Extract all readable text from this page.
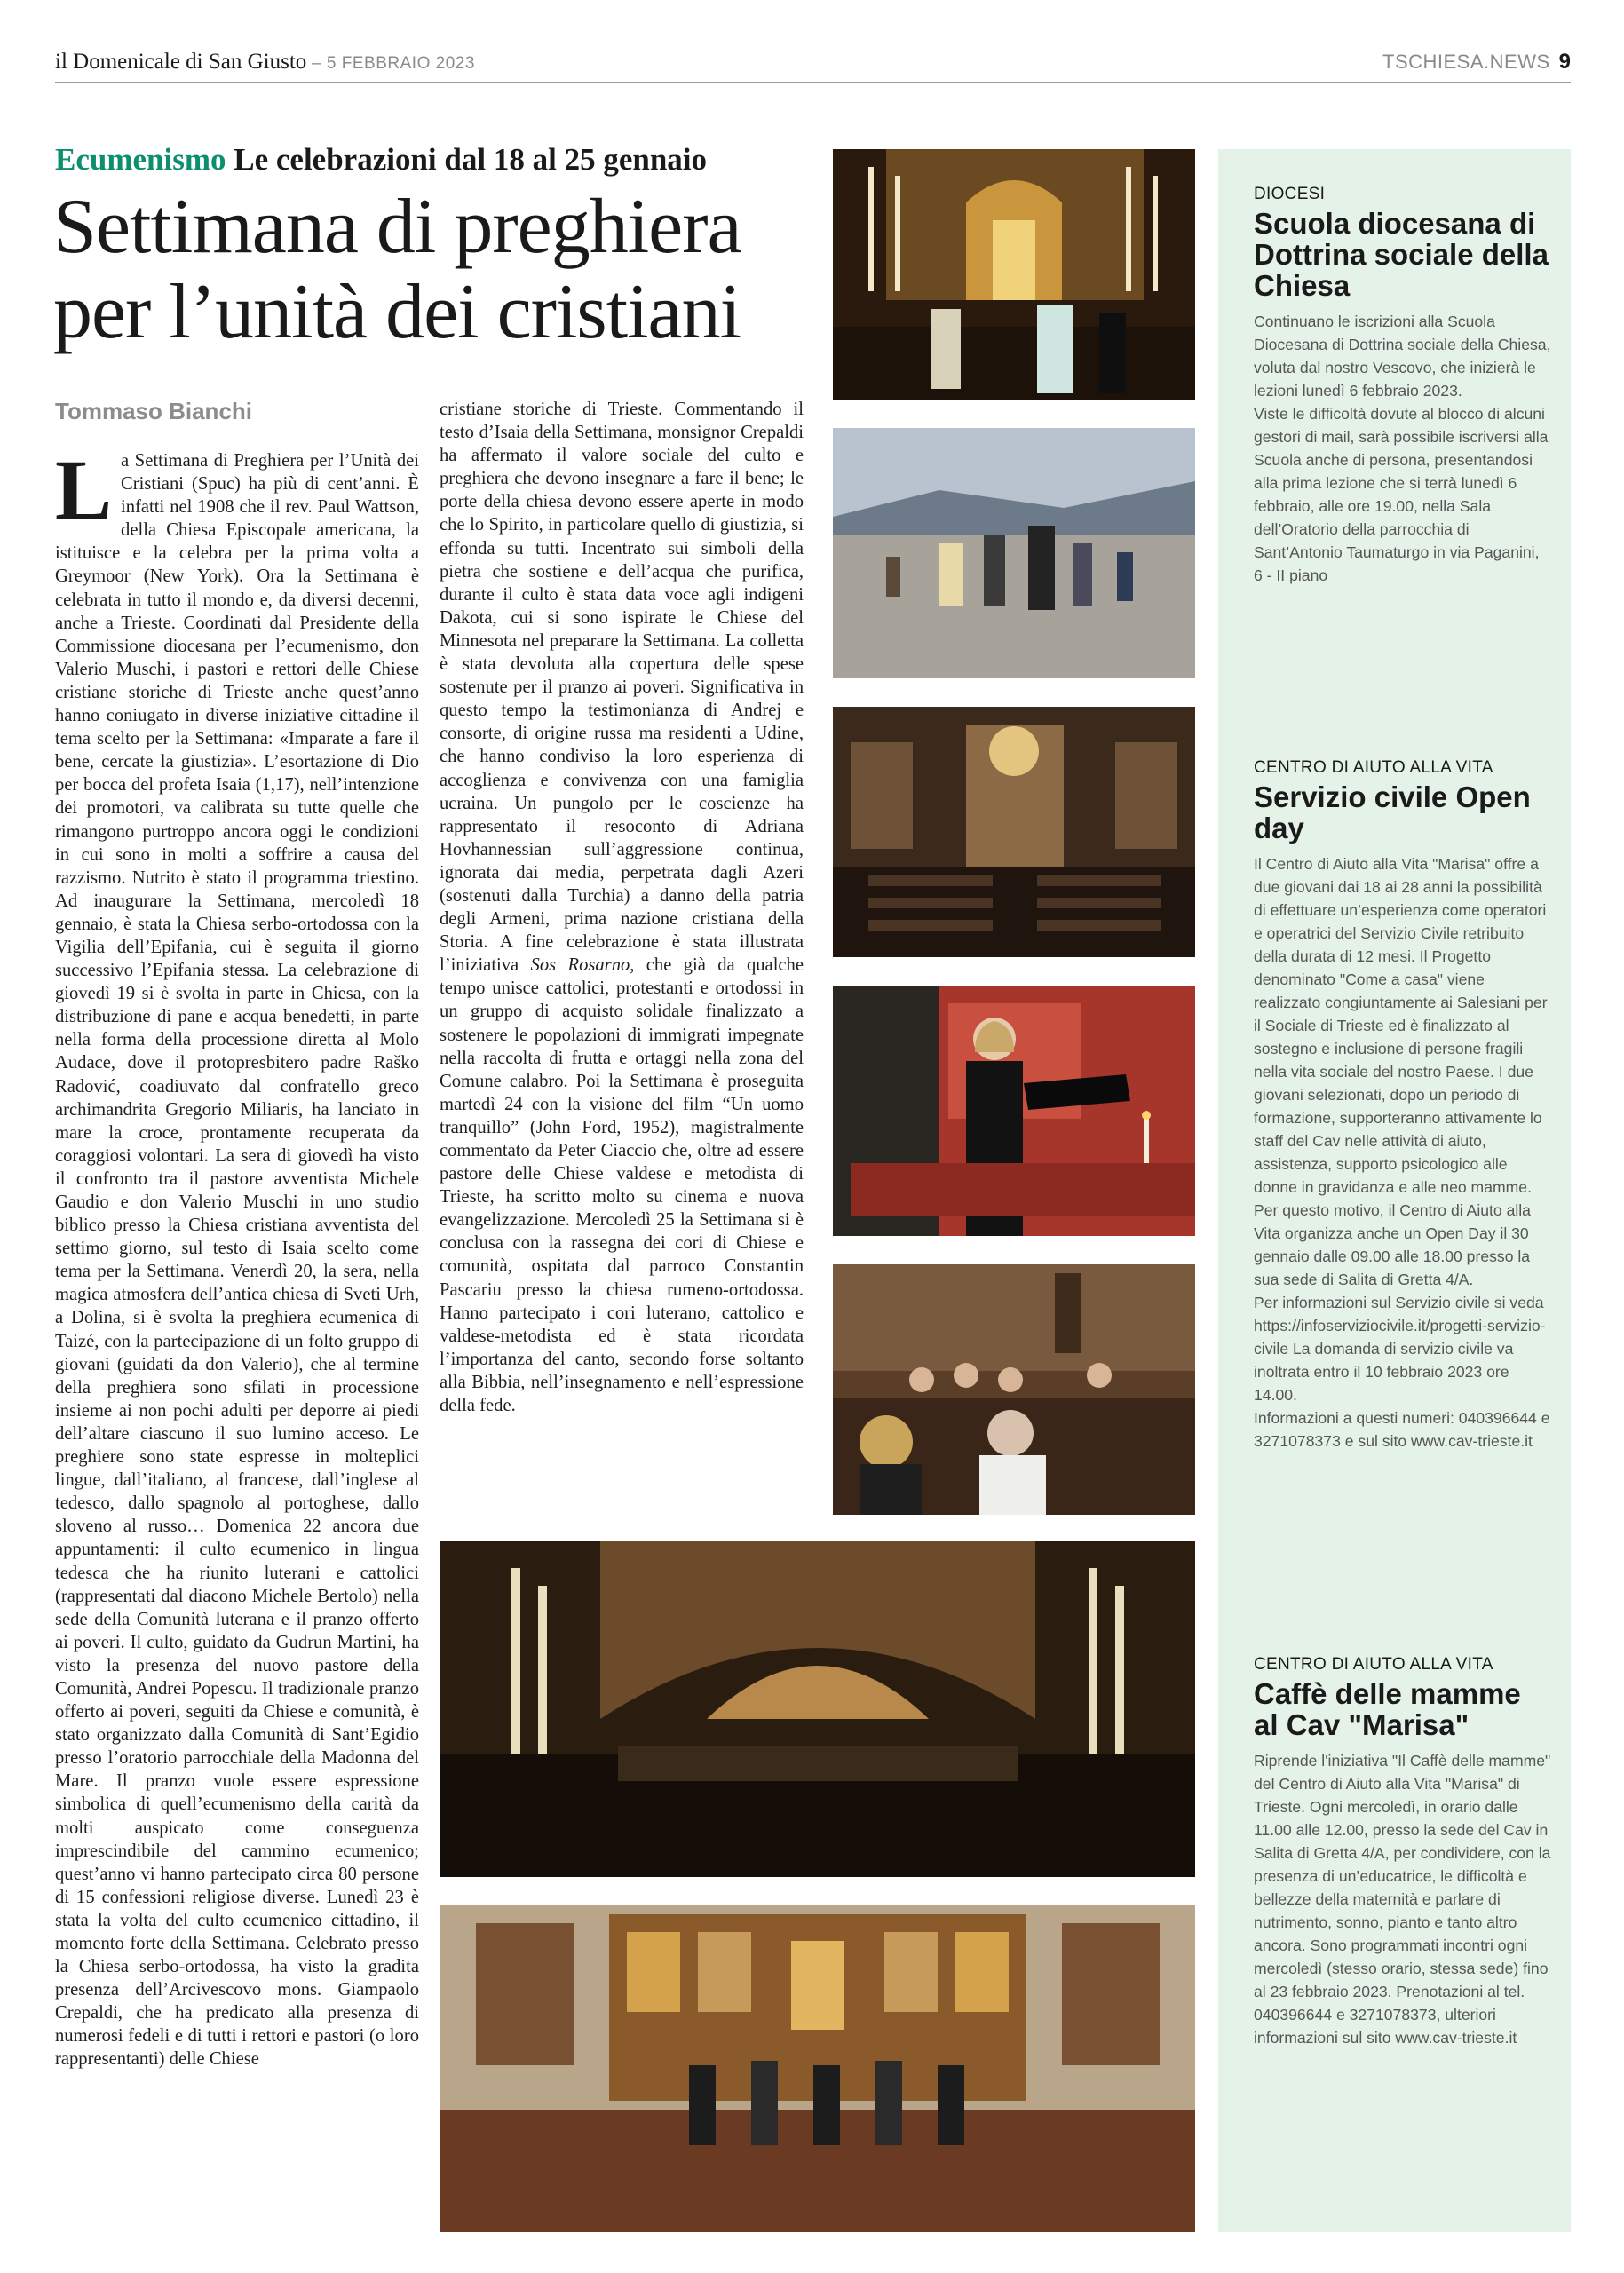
il Domenicale di San Giusto – 5 FEBBRAIO 2023	TSCHIESA.NEWS 9
Ecumenismo Le celebrazioni dal 18 al 25 gennaio
Settimana di preghiera
per l’unità dei cristiani
Tommaso Bianchi
La Settimana di Preghiera per l’Unità dei Cristiani (Spuc) ha più di cent’anni. È infatti nel 1908 che il rev. Paul Wattson, della Chiesa Episcopale americana, la istituisce e la celebra per la prima volta a Greymoor (New York). Ora la Settimana è celebrata in tutto il mondo e, da diversi decenni, anche a Trieste. Coordinati dal Presidente della Commissione diocesana per l’ecumenismo, don Valerio Muschi, i pastori e rettori delle Chiese cristiane storiche di Trieste anche quest’anno hanno coniugato in diverse iniziative cittadine il tema scelto per la Settimana: «Imparate a fare il bene, cercate la giustizia». L’esortazione di Dio per bocca del profeta Isaia (1,17), nell’intenzione dei promotori, va calibrata su tutte quelle che rimangono purtroppo ancora oggi le condizioni in cui sono in molti a soffrire a causa del razzismo. Nutrito è stato il programma triestino. Ad inaugurare la Settimana, mercoledì 18 gennaio, è stata la Chiesa serbo-ortodossa con la Vigilia dell’Epifania, cui è seguita il giorno successivo l’Epifania stessa. La celebrazione di giovedì 19 si è svolta in parte in Chiesa, con la distribuzione di pane e acqua benedetti, in parte nella forma della processione diretta al Molo Audace, dove il protopresbitero padre Raško Radović, coadiuvato dal confratello greco archimandrita Gregorio Miliaris, ha lanciato in mare la croce, prontamente recuperata da coraggiosi volontari. La sera di giovedì ha visto il confronto tra il pastore avventista Michele Gaudio e don Valerio Muschi in uno studio biblico presso la Chiesa cristiana avventista del settimo giorno, sul testo di Isaia scelto come tema per la Settimana. Venerdì 20, la sera, nella magica atmosfera dell’antica chiesa di Sveti Urh, a Dolina, si è svolta la preghiera ecumenica di Taizé, con la partecipazione di un folto gruppo di giovani (guidati da don Valerio), che al termine della preghiera sono sfilati in processione insieme ai non pochi adulti per deporre ai piedi dell’altare ciascuno il suo lumino acceso. Le preghiere sono state espresse in molteplici lingue, dall’italiano, al francese, dall’inglese al tedesco, dallo spagnolo al portoghese, dallo sloveno al russo… Domenica 22 ancora due appuntamenti: il culto ecumenico in lingua tedesca che ha riunito luterani e cattolici (rappresentati dal diacono Michele Bertolo) nella sede della Comunità luterana e il pranzo offerto ai poveri. Il culto, guidato da Gudrun Martini, ha visto la presenza del nuovo pastore della Comunità, Andrei Popescu. Il tradizionale pranzo offerto ai poveri, seguiti da Chiese e comunità, è stato organizzato dalla Comunità di Sant’Egidio presso l’oratorio parrocchiale della Madonna del Mare. Il pranzo vuole essere espressione simbolica di quell’ecumenismo della carità da molti auspicato come conseguenza imprescindibile del cammino ecumenico; quest’anno vi hanno partecipato circa 80 persone di 15 confessioni religiose diverse. Lunedì 23 è stata la volta del culto ecumenico cittadino, il momento forte della Settimana. Celebrato presso la Chiesa serbo-ortodossa, ha visto la gradita presenza dell’Arcivescovo mons. Giampaolo Crepaldi, che ha predicato alla presenza di numerosi fedeli e di tutti i rettori e pastori (o loro rappresentanti) delle Chiese
cristiane storiche di Trieste. Commentando il testo d’Isaia della Settimana, monsignor Crepaldi ha affermato il valore sociale del culto e preghiera che devono insegnare a fare il bene; le porte della chiesa devono essere aperte in modo che lo Spirito, in particolare quello di giustizia, si effonda su tutti. Incentrato sui simboli della pietra che sostiene e dell’acqua che purifica, durante il culto è stata data voce agli indigeni Dakota, cui si sono ispirate le Chiese del Minnesota nel preparare la Settimana. La colletta è stata devoluta alla copertura delle spese sostenute per il pranzo ai poveri. Significativa in questo tempo la testimonianza di Andrej e consorte, di origine russa ma residenti a Udine, che hanno condiviso la loro esperienza di accoglienza e convivenza con una famiglia ucraina. Un pungolo per le coscienze ha rappresentato il resoconto di Adriana Hovhannessian sull’aggressione continua, ignorata dai media, perpetrata dagli Azeri (sostenuti dalla Turchia) a danno della patria degli Armeni, prima nazione cristiana della Storia. A fine celebrazione è stata illustrata l’iniziativa Sos Rosarno, che già da qualche tempo unisce cattolici, protestanti e ortodossi in un gruppo di acquisto solidale finalizzato a sostenere le popolazioni di immigrati impegnate nella raccolta di frutta e ortaggi nella zona del Comune calabro. Poi la Settimana è proseguita martedì 24 con la visione del film “Un uomo tranquillo” (John Ford, 1952), magistralmente commentato da Peter Ciaccio che, oltre ad essere pastore delle Chiese valdese e metodista di Trieste, ha scritto molto su cinema e nuova evangelizzazione. Mercoledì 25 la Settimana si è conclusa con la rassegna dei cori di Chiese e comunità, ospitata dal parroco Constantin Pascariu presso la chiesa rumeno-ortodossa. Hanno partecipato i cori luterano, cattolico e valdese-metodista ed è stata ricordata l’importanza del canto, secondo forse soltanto alla Bibbia, nell’insegnamento e nell’espressione della fede.
DIOCESI
Scuola diocesana di Dottrina sociale della Chiesa

Continuano le iscrizioni alla Scuola Diocesana di Dottrina sociale della Chiesa, voluta dal nostro Vescovo, che inizierà le lezioni lunedì 6 febbraio 2023.

Viste le difficoltà dovute al blocco di alcuni gestori di mail, sarà possibile iscriversi alla Scuola anche di persona, presentandosi alla prima lezione che si terrà lunedì 6 febbraio, alle ore 19.00, nella Sala dell’Oratorio della parrocchia di Sant’Antonio Taumaturgo in via Paganini, 6 - II piano

CENTRO DI AIUTO ALLA VITA
Servizio civile Open day

Il Centro di Aiuto alla Vita "Marisa" offre a due giovani dai 18 ai 28 anni la possibilità di effettuare un’esperienza come operatori e operatrici del Servizio Civile retribuito della durata di 12 mesi. Il Progetto denominato "Come a casa" viene realizzato congiuntamente ai Salesiani per il Sociale di Trieste ed è finalizzato al sostegno e inclusione di persone fragili nella vita sociale del nostro Paese. I due giovani selezionati, dopo un periodo di formazione, supporteranno attivamente lo staff del Cav nelle attività di aiuto, assistenza, supporto psicologico alle donne in gravidanza e alle neo mamme.

Per questo motivo, il Centro di Aiuto alla Vita organizza anche un Open Day il 30 gennaio dalle 09.00 alle 18.00 presso la sua sede di Salita di Gretta 4/A.

Per informazioni sul Servizio civile si veda https://infoserviziocivile.it/progetti-servizio-civile La domanda di servizio civile va inoltrata entro il 10 febbraio 2023 ore 14.00.

Informazioni a questi numeri: 040396644 e 3271078373 e sul sito www.cav-trieste.it

CENTRO DI AIUTO ALLA VITA
Caffè delle mamme al Cav "Marisa"

Riprende l'iniziativa "Il Caffè delle mamme" del Centro di Aiuto alla Vita "Marisa" di Trieste. Ogni mercoledì, in orario dalle 11.00 alle 12.00, presso la sede del Cav in Salita di Gretta 4/A, per condividere, con la presenza di un’educatrice, le difficoltà e bellezze della maternità e parlare di nutrimento, sonno, pianto e tanto altro ancora. Sono programmati incontri ogni mercoledì (stesso orario, stessa sede) fino al 23 febbraio 2023. Prenotazioni al tel. 040396644 e 3271078373, ulteriori informazioni sul sito www.cav-trieste.it
